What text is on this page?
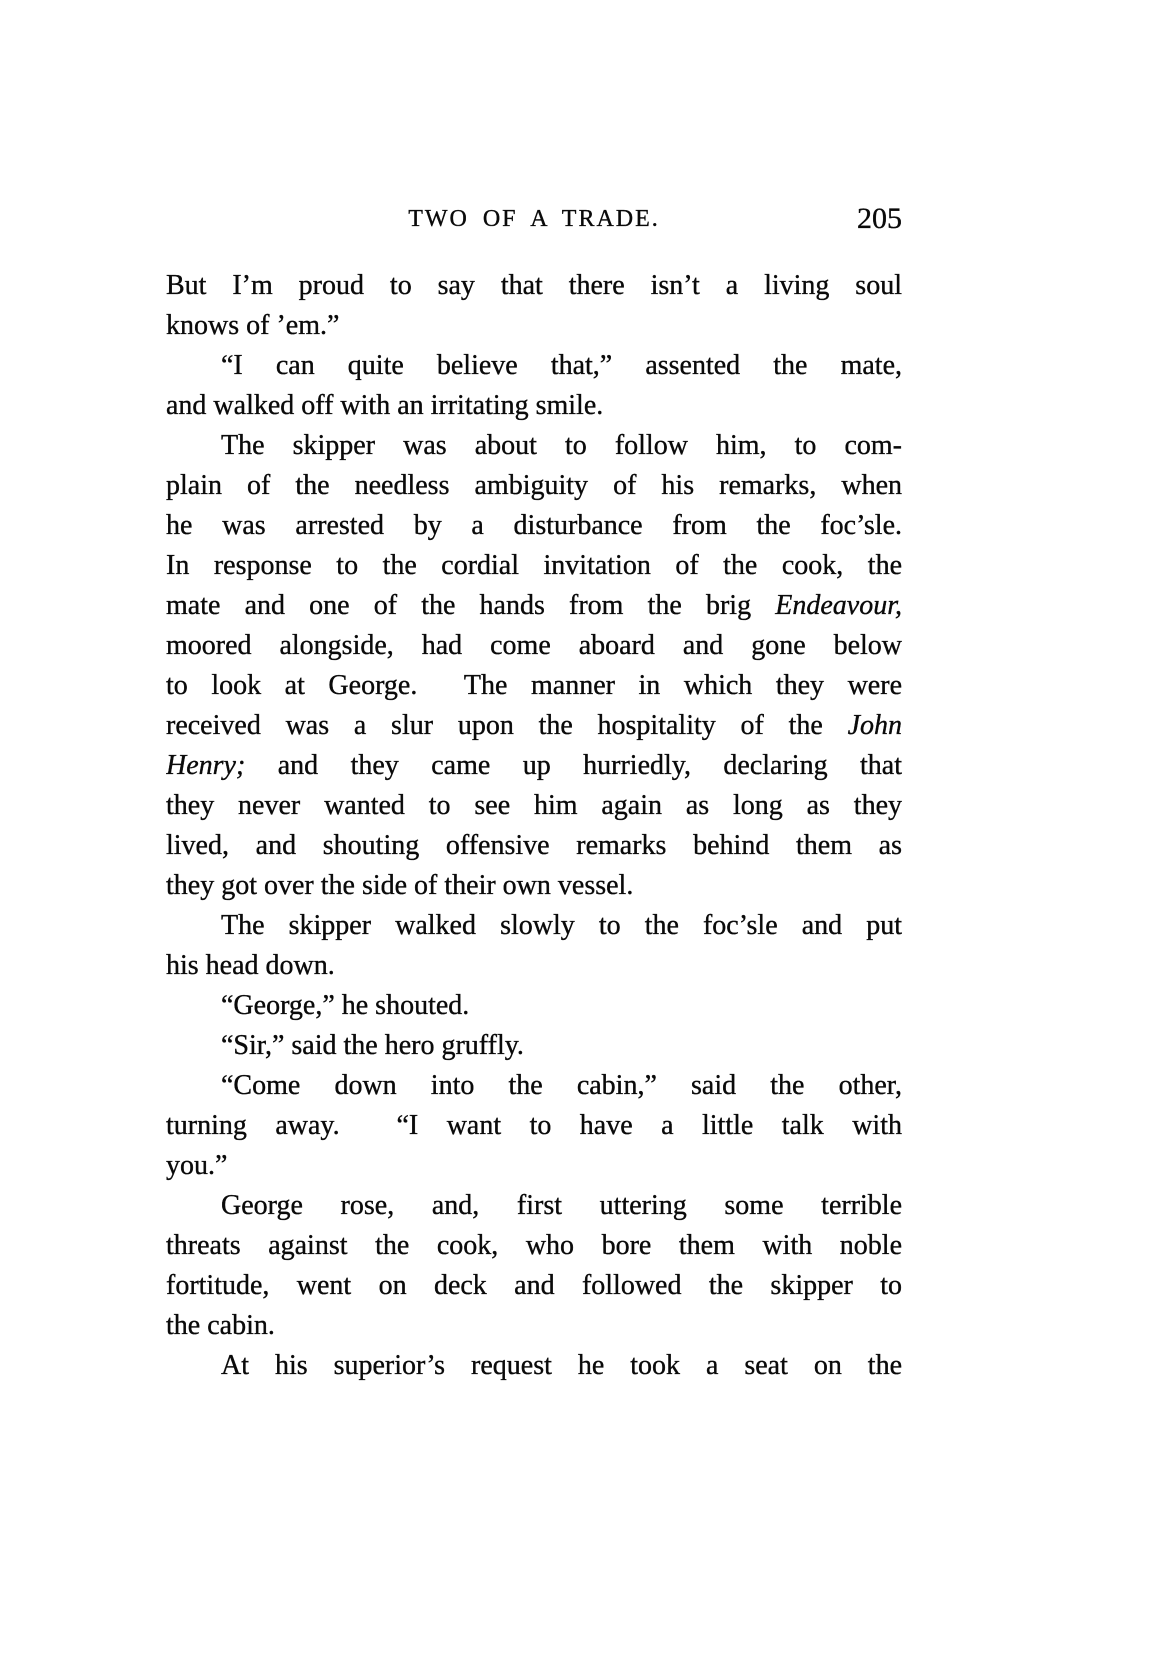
TWO OF A TRADE.	205
But I’m proud to say that there isn’t a living soul
knows of ’em.”
“I can quite believe that,” assented the mate,
and walked off with an irritating smile.
The skipper was about to follow him, to com-
plain of the needless ambiguity of his remarks, when
he was arrested by a disturbance from the foc’sle.
In response to the cordial invitation of the cook, the
mate and one of the hands from the brig Endeavour,
moored alongside, had come aboard and gone below
to look at George.  The manner in which they were
received was a slur upon the hospitality of the John
Henry; and they came up hurriedly, declaring that
they never wanted to see him again as long as they
lived, and shouting offensive remarks behind them as
they got over the side of their own vessel.
The skipper walked slowly to the foc’sle and put
his head down.
“George,” he shouted.
“Sir,” said the hero gruffly.
“Come down into the cabin,” said the other,
turning away.  “I want to have a little talk with
you.”
George rose, and, first uttering some terrible
threats against the cook, who bore them with noble
fortitude, went on deck and followed the skipper to
the cabin.
At his superior’s request he took a seat on the
